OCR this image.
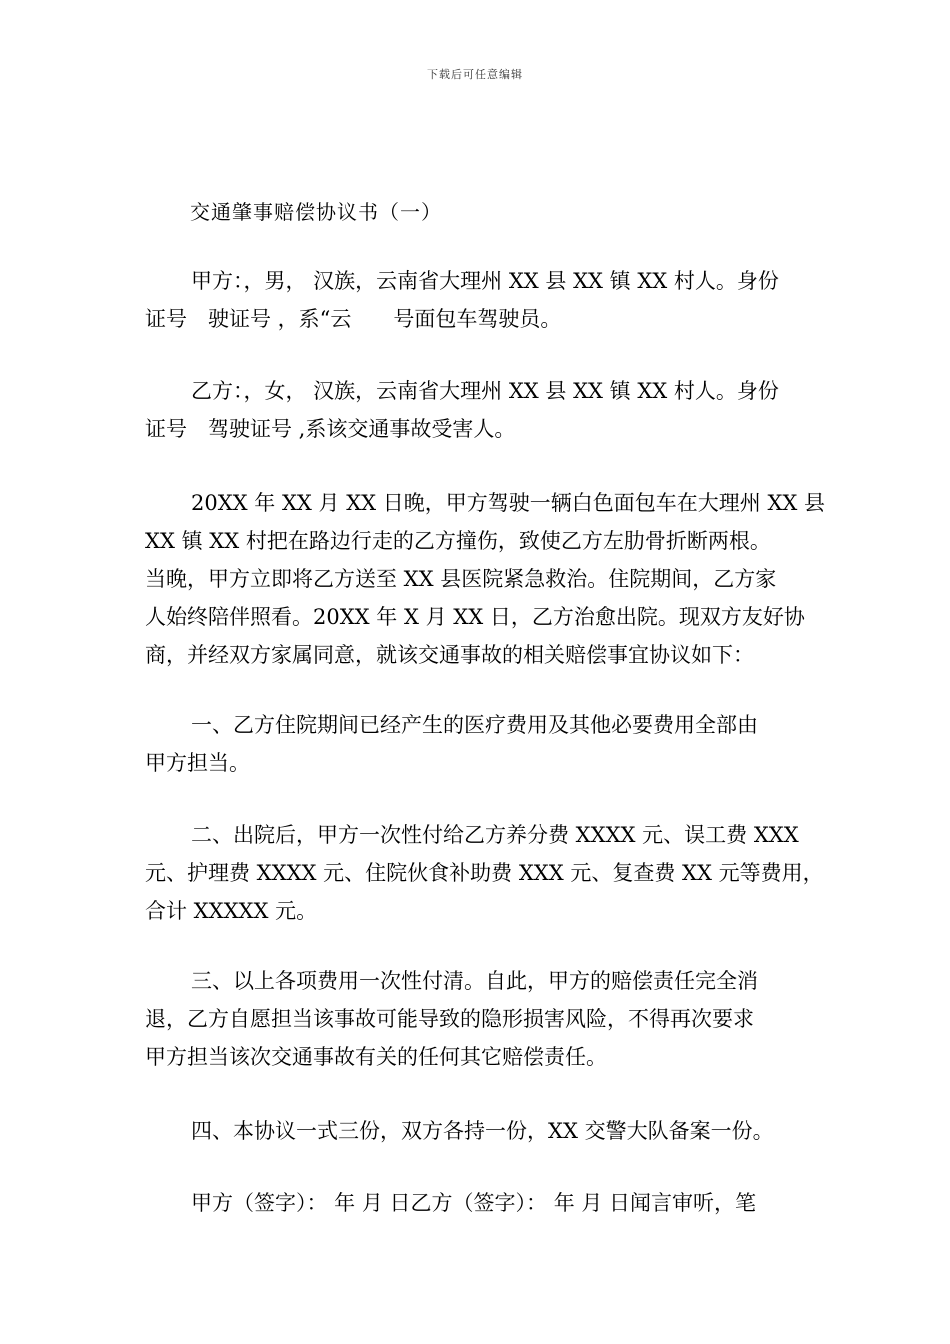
下载后可任意编辑
交通肇事赔偿协议书（一）
甲方：，男， 汉族，云南省大理州 XX 县 XX 镇 XX 村人。身份
证号　驶证号 ，系“云　　号面包车驾驶员。
乙方：，女， 汉族，云南省大理州 XX 县 XX 镇 XX 村人。身份
证号　驾驶证号 ,系该交通事故受害人。
20XX 年 XX 月 XX 日晚，甲方驾驶一辆白色面包车在大理州 XX 县
XX 镇 XX 村把在路边行走的乙方撞伤，致使乙方左肋骨折断两根。
当晚，甲方立即将乙方送至 XX 县医院紧急救治。住院期间，乙方家
人始终陪伴照看。20XX 年 X 月 XX 日，乙方治愈出院。现双方友好协
商，并经双方家属同意，就该交通事故的相关赔偿事宜协议如下：
一、乙方住院期间已经产生的医疗费用及其他必要费用全部由
甲方担当。
二、出院后，甲方一次性付给乙方养分费 XXXX 元、误工费 XXX
元、护理费 XXXX 元、住院伙食补助费 XXX 元、复查费 XX 元等费用，
合计 XXXXX 元。
三、以上各项费用一次性付清。自此，甲方的赔偿责任完全消
退，乙方自愿担当该事故可能导致的隐形损害风险，不得再次要求
甲方担当该次交通事故有关的任何其它赔偿责任。
四、本协议一式三份，双方各持一份，XX 交警大队备案一份。
甲方（签字）： 年 月 日乙方（签字）： 年 月 日闻言审听，笔
